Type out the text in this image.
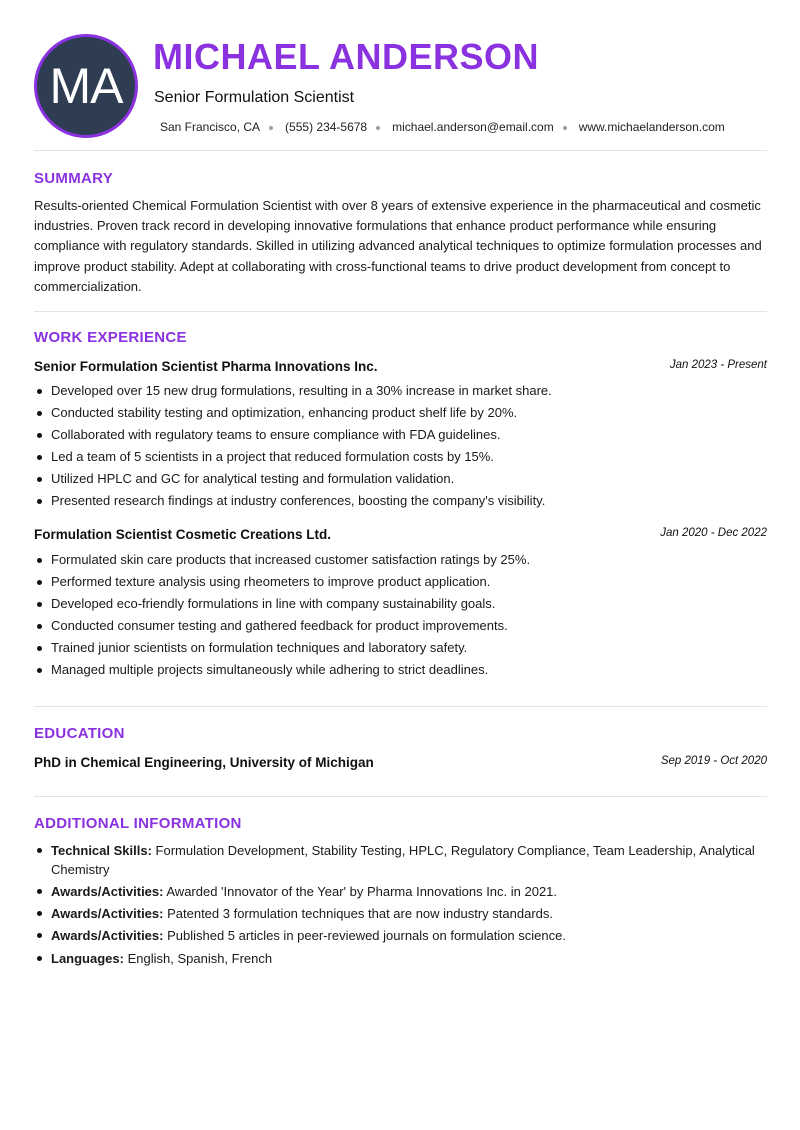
MA
MICHAEL ANDERSON
Senior Formulation Scientist
San Francisco, CA (555) 234-5678 michael.anderson@email.com www.michaelanderson.com
SUMMARY
Results-oriented Chemical Formulation Scientist with over 8 years of extensive experience in the pharmaceutical and cosmetic industries. Proven track record in developing innovative formulations that enhance product performance while ensuring compliance with regulatory standards. Skilled in utilizing advanced analytical techniques to optimize formulation processes and improve product stability. Adept at collaborating with cross-functional teams to drive product development from concept to commercialization.
WORK EXPERIENCE
Senior Formulation Scientist Pharma Innovations Inc.	Jan 2023 - Present
Developed over 15 new drug formulations, resulting in a 30% increase in market share.
Conducted stability testing and optimization, enhancing product shelf life by 20%.
Collaborated with regulatory teams to ensure compliance with FDA guidelines.
Led a team of 5 scientists in a project that reduced formulation costs by 15%.
Utilized HPLC and GC for analytical testing and formulation validation.
Presented research findings at industry conferences, boosting the company's visibility.
Formulation Scientist Cosmetic Creations Ltd.	Jan 2020 - Dec 2022
Formulated skin care products that increased customer satisfaction ratings by 25%.
Performed texture analysis using rheometers to improve product application.
Developed eco-friendly formulations in line with company sustainability goals.
Conducted consumer testing and gathered feedback for product improvements.
Trained junior scientists on formulation techniques and laboratory safety.
Managed multiple projects simultaneously while adhering to strict deadlines.
EDUCATION
PhD in Chemical Engineering, University of Michigan	Sep 2019 - Oct 2020
ADDITIONAL INFORMATION
Technical Skills: Formulation Development, Stability Testing, HPLC, Regulatory Compliance, Team Leadership, Analytical Chemistry
Awards/Activities: Awarded 'Innovator of the Year' by Pharma Innovations Inc. in 2021.
Awards/Activities: Patented 3 formulation techniques that are now industry standards.
Awards/Activities: Published 5 articles in peer-reviewed journals on formulation science.
Languages: English, Spanish, French
